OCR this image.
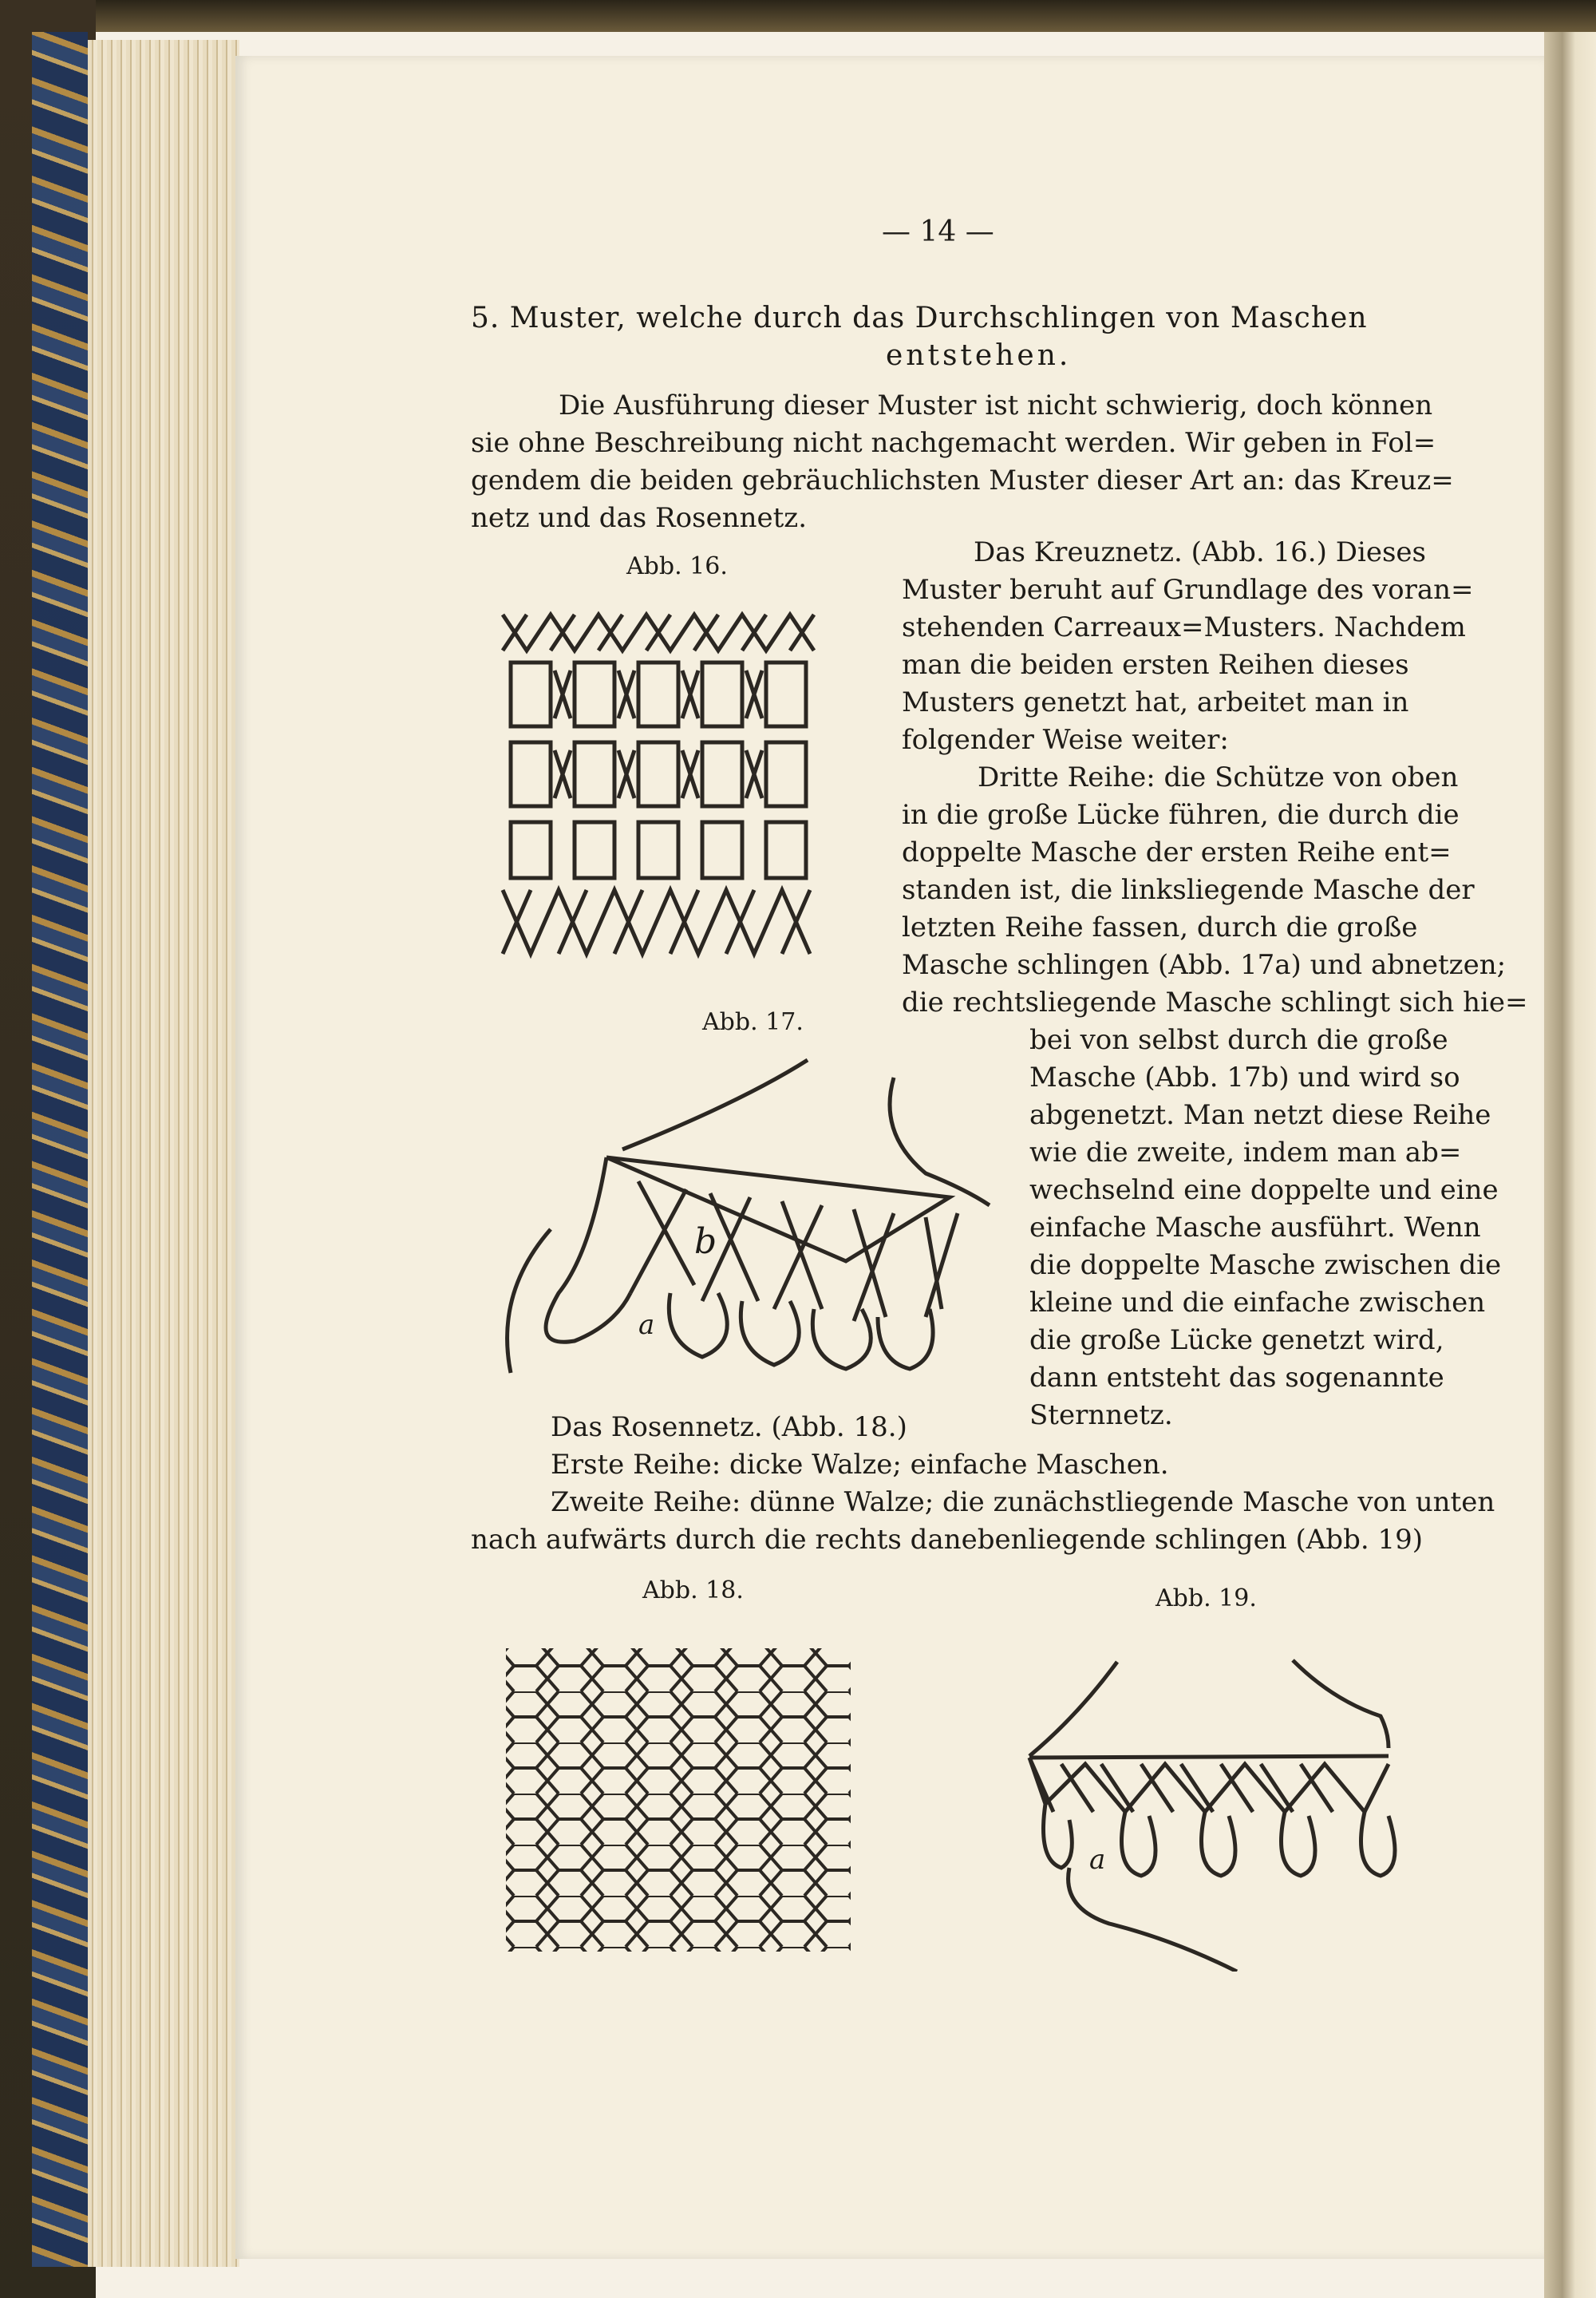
— 14 —
5. Muster, welche durch das Durchschlingen von Maschen
entstehen.
Die Ausführung dieser Muster ist nicht schwierig, doch können
sie ohne Beschreibung nicht nachgemacht werden. Wir geben in Fol=
gendem die beiden gebräuchlichsten Muster dieser Art an: das Kreuz=
netz und das Rosennetz.
Abb. 16.
Abb. 17.
b
a
Das Kreuznetz. (Abb. 16.) Dieses
Muster beruht auf Grundlage des voran=
stehenden Carreaux=Musters. Nachdem
man die beiden ersten Reihen dieses
Musters genetzt hat, arbeitet man in
folgender Weise weiter:
Dritte Reihe: die Schütze von oben
in die große Lücke führen, die durch die
doppelte Masche der ersten Reihe ent=
standen ist, die linksliegende Masche der
letzten Reihe fassen, durch die große
Masche schlingen (Abb. 17a) und abnetzen;
die rechtsliegende Masche schlingt sich hie=
bei von selbst durch die große
Masche (Abb. 17b) und wird so
abgenetzt. Man netzt diese Reihe
wie die zweite, indem man ab=
wechselnd eine doppelte und eine
einfache Masche ausführt. Wenn
die doppelte Masche zwischen die
kleine und die einfache zwischen
die große Lücke genetzt wird,
dann entsteht das sogenannte
Sternnetz.
Das Rosennetz. (Abb. 18.)
Erste Reihe: dicke Walze; einfache Maschen.
Zweite Reihe: dünne Walze; die zunächstliegende Masche von unten
nach aufwärts durch die rechts danebenliegende schlingen (Abb. 19)
Abb. 18.	Abb. 19.
a
